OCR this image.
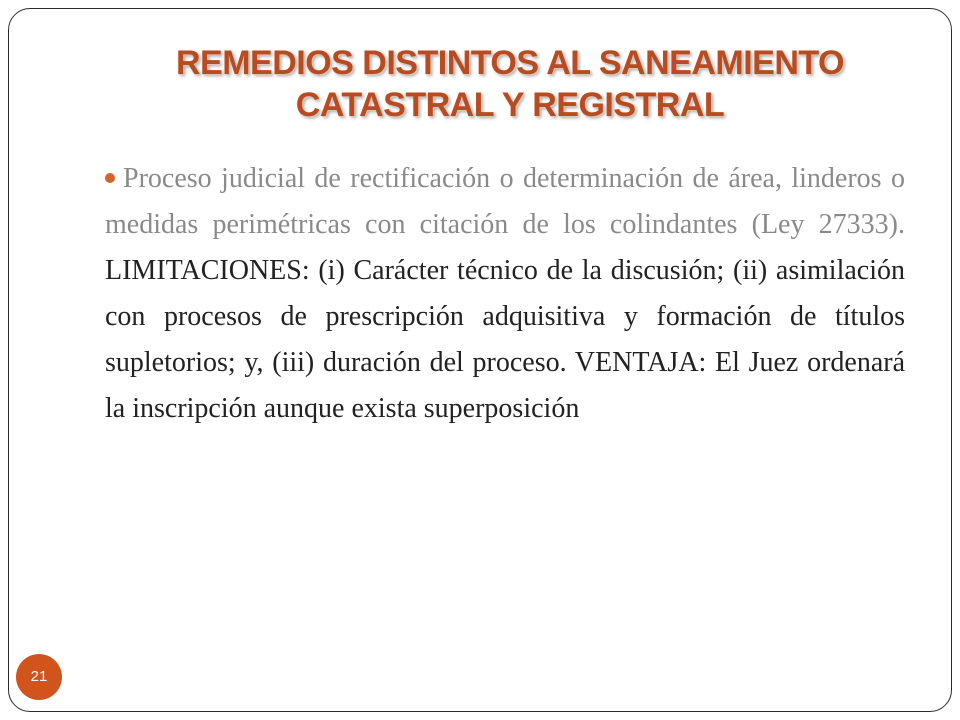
REMEDIOS DISTINTOS AL SANEAMIENTO
CATASTRAL Y REGISTRAL
Proceso judicial de rectificación o determinación de área, linderos o medidas perimétricas con citación de los colindantes (Ley 27333). LIMITACIONES: (i) Carácter técnico de la discusión; (ii) asimilación con procesos de prescripción adquisitiva y formación de títulos supletorios; y, (iii) duración del proceso. VENTAJA: El Juez ordenará la inscripción aunque exista superposición
21
